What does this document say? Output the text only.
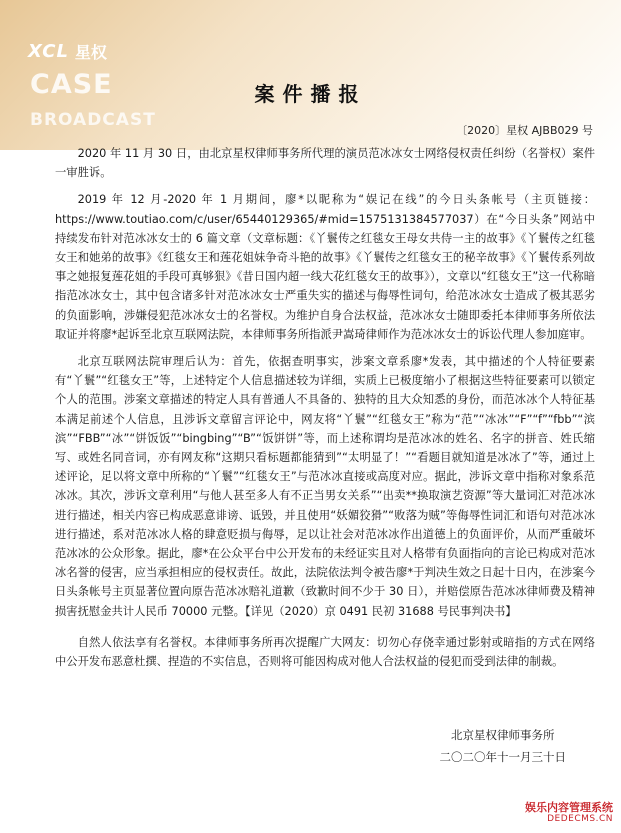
XCL 星权
CASE
BROADCAST
案件播报
〔2020〕星权 AJBB029 号

2020 年 11 月 30 日，由北京星权律师事务所代理的演员范冰冰女士网络侵权责任纠纷（名誉权）案件一审胜诉。

2019 年 12 月-2020 年 1 月期间，廖*以昵称为“娱记在线”的今日头条帐号（主页链接：https://www.toutiao.com/c/user/65440129365/#mid=1575131384577037）在“今日头条”网站中持续发布针对范冰冰女士的 6 篇文章（文章标题：《丫鬟传之红毯女王母女共侍一主的故事》《丫鬟传之红毯女王和她弟的故事》《红毯女王和莲花姐妹争奇斗艳的故事》《丫鬟传之红毯女王的秘辛故事》《丫鬟传系列故事之她报复莲花姐的手段可真够狠》《昔日国内超一线大花红毯女王的故事》），文章以“红毯女王”这一代称暗指范冰冰女士，其中包含诸多针对范冰冰女士严重失实的描述与侮辱性词句，给范冰冰女士造成了极其恶劣的负面影响，涉嫌侵犯范冰冰女士的名誉权。为维护自身合法权益，范冰冰女士随即委托本律师事务所依法取证并将廖*起诉至北京互联网法院，本律师事务所指派尹嵩琦律师作为范冰冰女士的诉讼代理人参加庭审。

北京互联网法院审理后认为：首先，依据查明事实，涉案文章系廖*发表，其中描述的个人特征要素有“丫鬟”“红毯女王”等，上述特定个人信息描述较为详细，实质上已极度缩小了根据这些特征要素可以锁定个人的范围。涉案文章描述的特定人具有普通人不具备的、独特的且大众知悉的身份，而范冰冰个人特征基本满足前述个人信息，且涉诉文章留言评论中，网友将“丫鬟”“红毯女王”称为“范”“冰冰”“F”“f”“fbb”“滨滨”“FBB”“冰”“饼饭饭”“bingbing”“B”“饭饼饼”等，而上述称谓均是范冰冰的姓名、名字的拼音、姓氏缩写、或姓名同音词，亦有网友称“这期只看标题都能猜到”“太明显了！”“看题目就知道是冰冰了”等，通过上述评论，足以将文章中所称的“丫鬟”“红毯女王”与范冰冰直接或高度对应。据此，涉诉文章中指称对象系范冰冰。其次，涉诉文章利用“与他人甚至多人有不正当男女关系”“出卖**换取演艺资源”等大量词汇对范冰冰进行描述，相关内容已构成恶意诽谤、诋毁，并且使用“妖媚狡猾”“败落为贼”等侮辱性词汇和语句对范冰冰进行描述，系对范冰冰人格的肆意贬损与侮辱，足以让社会对范冰冰作出道德上的负面评价，从而严重破坏范冰冰的公众形象。据此，廖*在公众平台中公开发布的未经证实且对人格带有负面指向的言论已构成对范冰冰名誉的侵害，应当承担相应的侵权责任。故此，法院依法判令被告廖*于判决生效之日起十日内，在涉案今日头条帐号主页显著位置向原告范冰冰赔礼道歉（致歉时间不少于 30 日），并赔偿原告范冰冰律师费及精神损害抚慰金共计人民币 70000 元整。【详见（2020）京 0491 民初 31688 号民事判决书】

自然人依法享有名誉权。本律师事务所再次提醒广大网友：切勿心存侥幸通过影射或暗指的方式在网络中公开发布恶意杜撰、捏造的不实信息，否则将可能因构成对他人合法权益的侵犯而受到法律的制裁。

北京星权律师事务所
二〇二〇年十一月三十日
娱乐内容管理系统
DEDECMS.CN
